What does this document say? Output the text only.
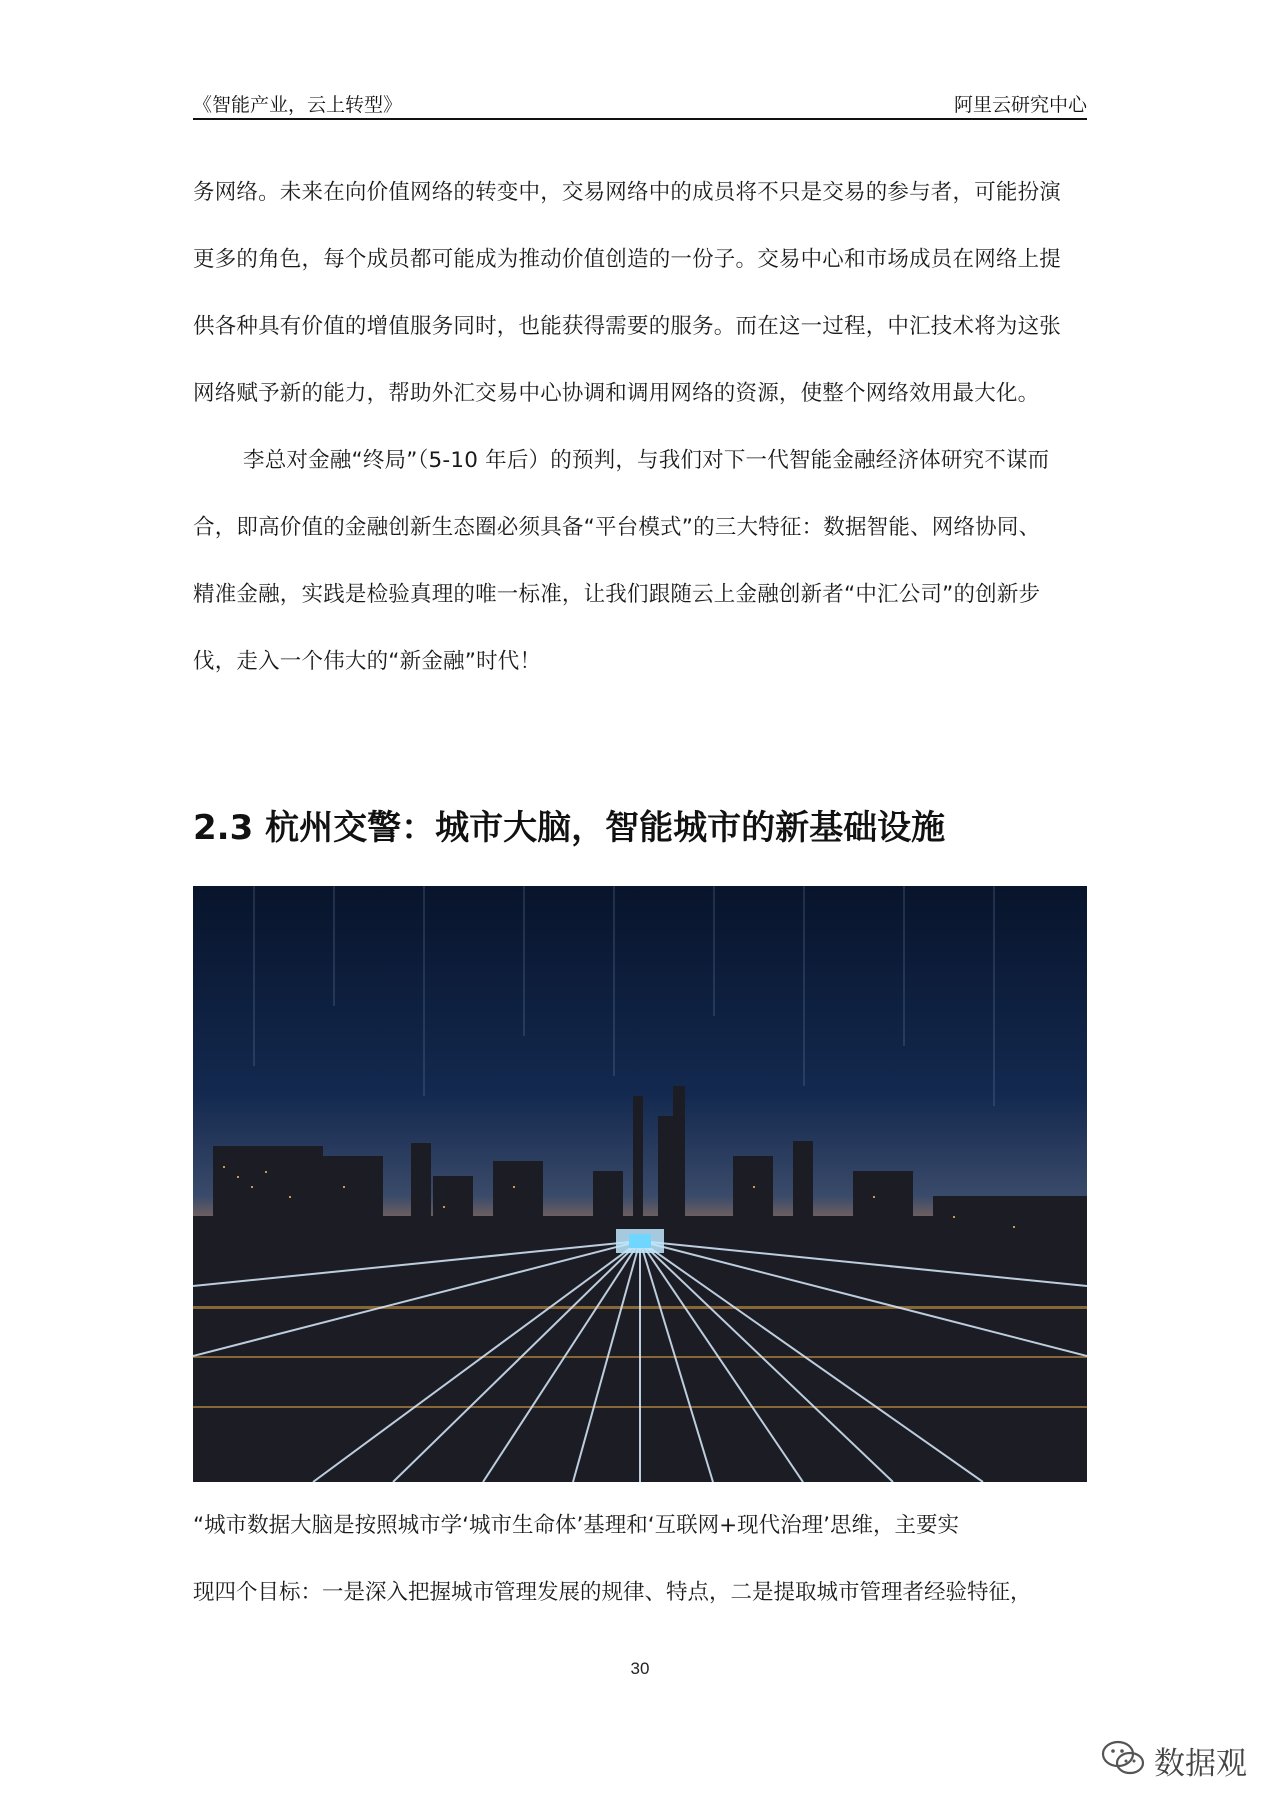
《智能产业，云上转型》	阿里云研究中心
务网络。未来在向价值网络的转变中，交易网络中的成员将不只是交易的参与者，可能扮演
更多的角色，每个成员都可能成为推动价值创造的一份子。交易中心和市场成员在网络上提
供各种具有价值的增值服务同时，也能获得需要的服务。而在这一过程，中汇技术将为这张
网络赋予新的能力，帮助外汇交易中心协调和调用网络的资源，使整个网络效用最大化。
李总对金融“终局”（5-10 年后）的预判，与我们对下一代智能金融经济体研究不谋而
合，即高价值的金融创新生态圈必须具备“平台模式”的三大特征：数据智能、网络协同、
精准金融，实践是检验真理的唯一标准，让我们跟随云上金融创新者“中汇公司”的创新步
伐，走入一个伟大的“新金融”时代！
2.3 杭州交警：城市大脑，智能城市的新基础设施
“城市数据大脑是按照城市学‘城市生命体’基理和‘互联网+现代治理’思维，主要实
现四个目标：一是深入把握城市管理发展的规律、特点，二是提取城市管理者经验特征，
30
数据观
